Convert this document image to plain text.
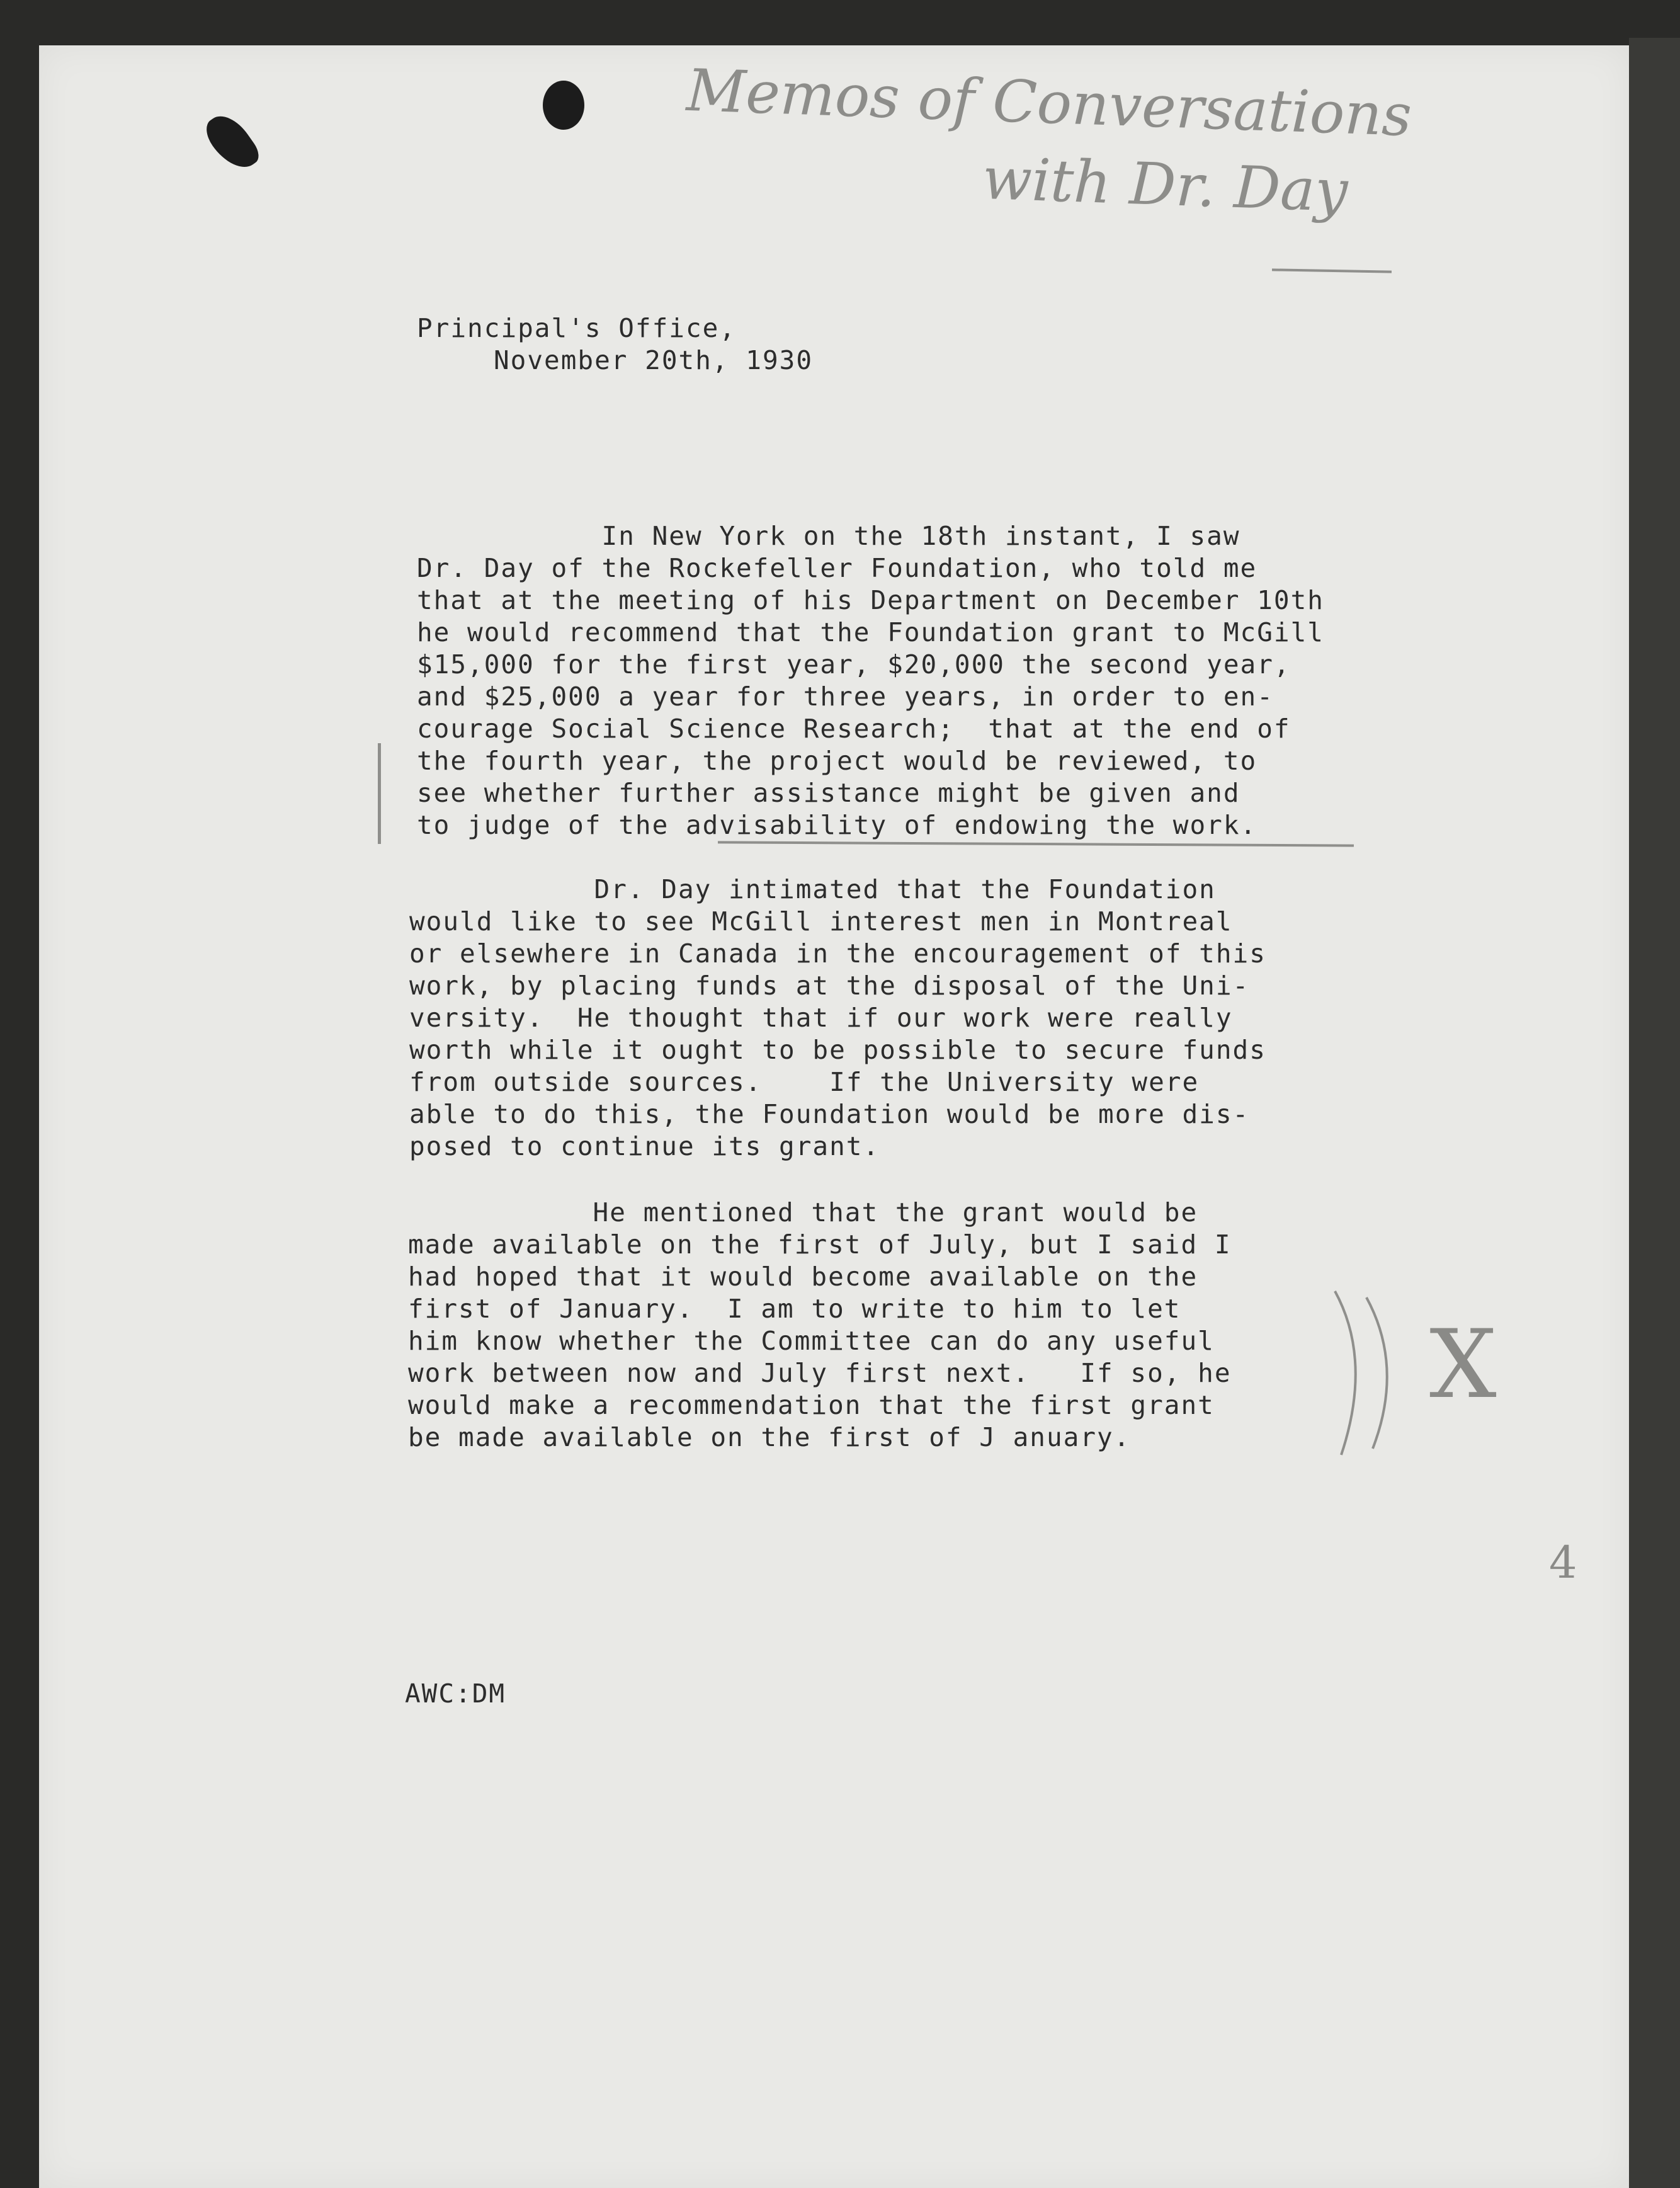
Memos of Conversations
with Dr. Day
Principal's Office,
November 20th, 1930
In New York on the 18th instant, I saw
Dr. Day of the Rockefeller Foundation, who told me
that at the meeting of his Department on December 10th
he would recommend that the Foundation grant to McGill
$15,000 for the first year, $20,000 the second year,
and $25,000 a year for three years, in order to en-
courage Social Science Research;  that at the end of
the fourth year, the project would be reviewed, to
see whether further assistance might be given and
to judge of the advisability of endowing the work.
Dr. Day intimated that the Foundation
would like to see McGill interest men in Montreal
or elsewhere in Canada in the encouragement of this
work, by placing funds at the disposal of the Uni-
versity.  He thought that if our work were really
worth while it ought to be possible to secure funds
from outside sources.    If the University were
able to do this, the Foundation would be more dis-
posed to continue its grant.
He mentioned that the grant would be
made available on the first of July, but I said I
had hoped that it would become available on the
first of January.  I am to write to him to let
him know whether the Committee can do any useful
work between now and July first next.   If so, he
would make a recommendation that the first grant
be made available on the first of J anuary.
X
4
AWC:DM
